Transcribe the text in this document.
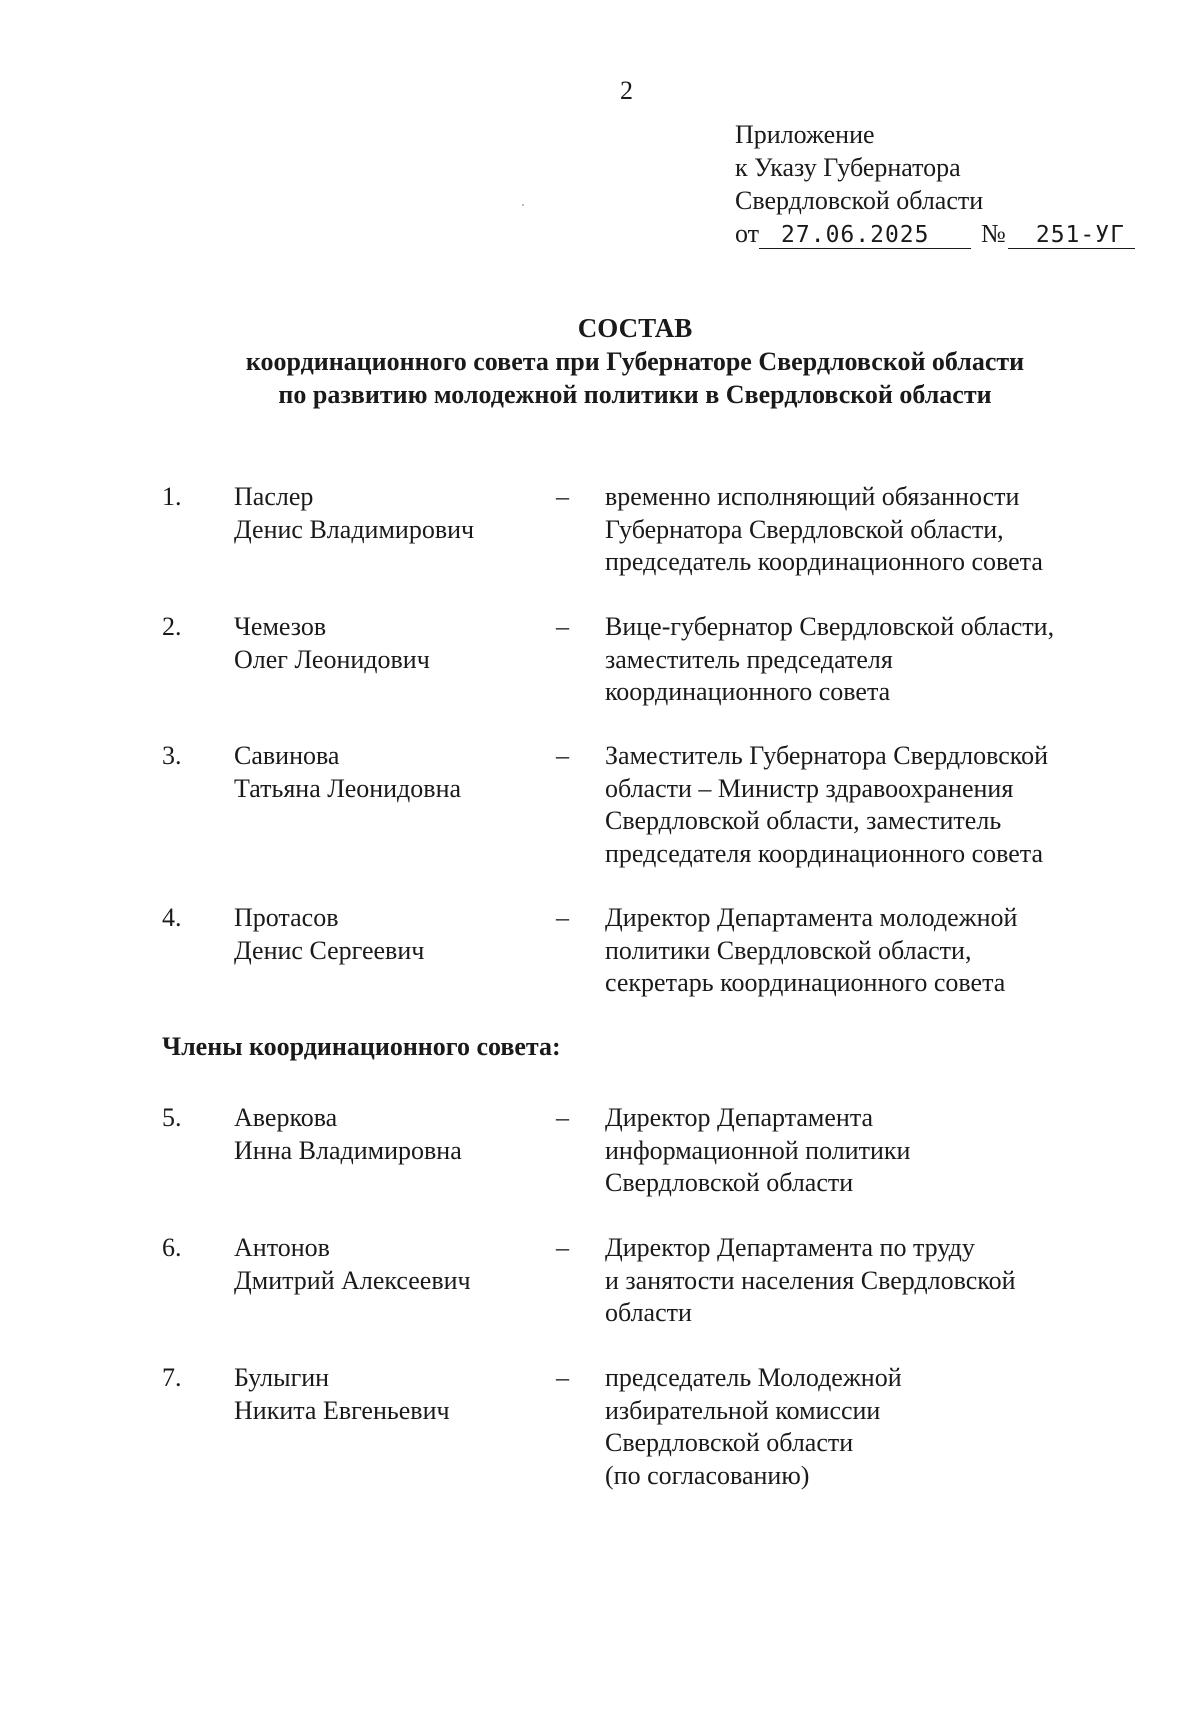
2
Приложение
к Указу Губернатора
Свердловской области
от 27.06.2025	№	251-УГ
СОСТАВ
координационного совета при Губернаторе Свердловской области
по развитию молодежной политики в Свердловской области
1. Паслер
Денис Владимирович
– временно исполняющий обязанности
Губернатора Свердловской области,
председатель координационного совета
2. Чемезов
Олег Леонидович
– Вице-губернатор Свердловской области,
заместитель председателя
координационного совета
3. Савинова
Татьяна Леонидовна
– Заместитель Губернатора Свердловской
области – Министр здравоохранения
Свердловской области, заместитель
председателя координационного совета
4. Протасов
Денис Сергеевич
– Директор Департамента молодежной
политики Свердловской области,
секретарь координационного совета
Члены координационного совета:
5. Аверкова
Инна Владимировна
– Директор Департамента
информационной политики
Свердловской области
6. Антонов
Дмитрий Алексеевич
– Директор Департамента по труду
и занятости населения Свердловской
области
7. Булыгин
Никита Евгеньевич
– председатель Молодежной
избирательной комиссии
Свердловской области
(по согласованию)
